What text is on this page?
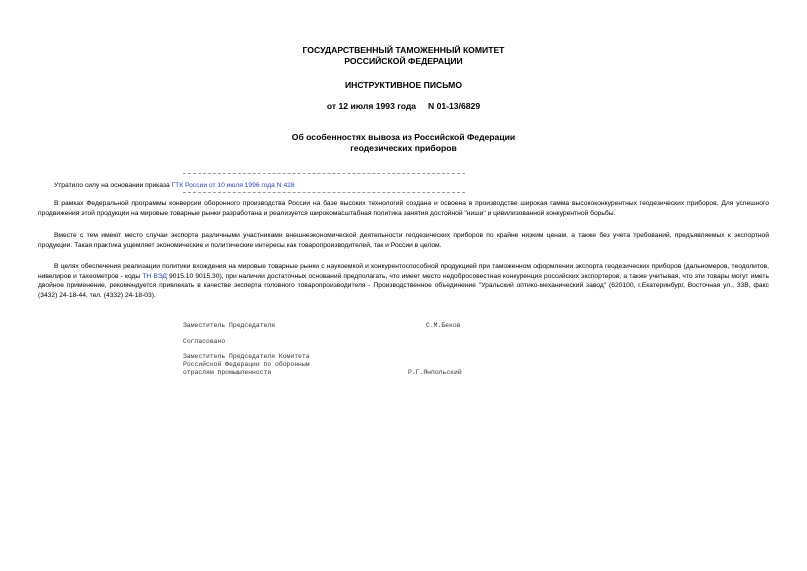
ГОСУДАРСТВЕННЫЙ ТАМОЖЕННЫЙ КОМИТЕТ
РОССИЙСКОЙ ФЕДЕРАЦИИ
ИНСТРУКТИВНОЕ ПИСЬМО
от 12 июля 1993 года     N 01-13/6829
Об особенностях вывоза из Российской Федерации
геодезических приборов
Утратило силу на основании приказа ГТК России от 10 июля 1996 года N 428

В рамках Федеральной программы конверсии оборонного производства России на базе высоких технологий создана и освоена в производстве широкая гамма высококонкурентных геодезических приборов. Для успешного продвижения этой продукции на мировые товарные рынки разработана и реализуется широкомасштабная политика занятия достойной "ниши" и цивилизованной конкурентной борьбы.

Вместе с тем имеют место случаи экспорта различными участниками внешнеэкономической деятельности геодезических приборов по крайне низким ценам, а также без учета требований, предъявляемых к экспортной продукции. Такая практика ущемляет экономические и политические интересы как товаропроизводителей, так и России в целом.

В целях обеспечения реализации политики вхождения на мировые товарные рынки с наукоемкой и конкурентоспособной продукцией при таможенном оформлении экспорта геодезических приборов (дальномеров, теодолитов, нивелиров и тахеометров - коды ТН ВЭД 9015.10 9015.30), при наличии достаточных оснований предполагать, что имеет место недобросовестная конкуренция российских экспортеров, а также учитывая, что эти товары могут иметь двойное применение, рекомендуется привлекать в качестве эксперта головного товаропроизводителя - Производственное объединение "Уральский оптико-механический завод" (620100, г.Екатеринбург, Восточная ул., 33В, факс (3432) 24-18-44, тел. (4332) 24-18-03).

Заместитель Председателя	С.М.Беков
Согласовано
Заместитель Председателя Комитета
Российской Федерации по оборонным
отраслям промышленности	Р.Г.Янпольский
